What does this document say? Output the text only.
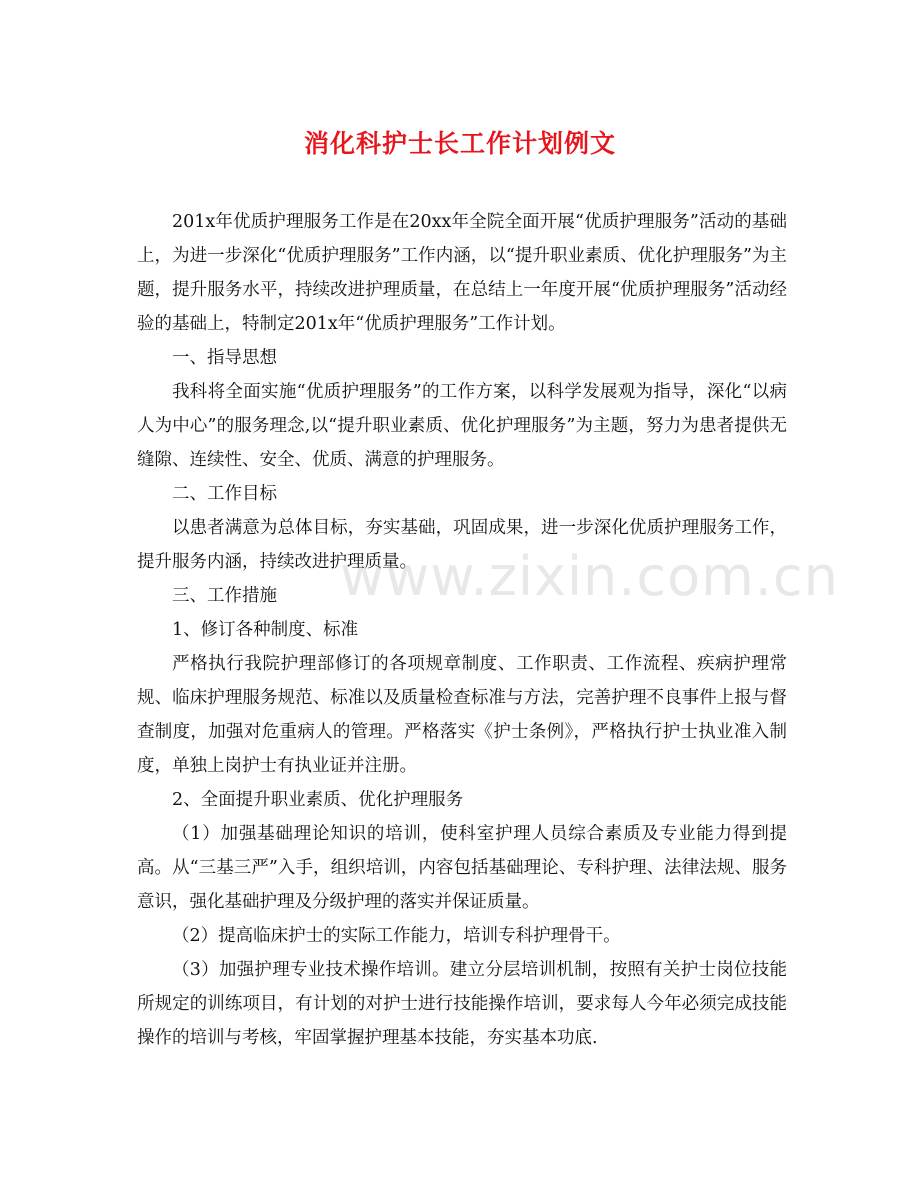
消化科护士长工作计划例文

201x年优质护理服务工作是在20xx年全院全面开展“优质护理服务”活动的基础上，为进一步深化“优质护理服务”工作内涵，以“提升职业素质、优化护理服务”为主题，提升服务水平，持续改进护理质量，在总结上一年度开展“优质护理服务”活动经验的基础上，特制定201x年“优质护理服务”工作计划。

一、指导思想

我科将全面实施“优质护理服务”的工作方案，以科学发展观为指导，深化“以病人为中心”的服务理念,以“提升职业素质、优化护理服务”为主题，努力为患者提供无缝隙、连续性、安全、优质、满意的护理服务。

二、工作目标

以患者满意为总体目标，夯实基础，巩固成果，进一步深化优质护理服务工作，提升服务内涵，持续改进护理质量。

三、工作措施

1、修订各种制度、标准

严格执行我院护理部修订的各项规章制度、工作职责、工作流程、疾病护理常规、临床护理服务规范、标准以及质量检查标准与方法，完善护理不良事件上报与督查制度，加强对危重病人的管理。严格落实《护士条例》，严格执行护士执业准入制度，单独上岗护士有执业证并注册。

2、全面提升职业素质、优化护理服务

（1）加强基础理论知识的培训，使科室护理人员综合素质及专业能力得到提高。从“三基三严”入手，组织培训，内容包括基础理论、专科护理、法律法规、服务意识，强化基础护理及分级护理的落实并保证质量。

（2）提高临床护士的实际工作能力，培训专科护理骨干。

（3）加强护理专业技术操作培训。建立分层培训机制，按照有关护士岗位技能所规定的训练项目，有计划的对护士进行技能操作培训，要求每人今年必须完成技能操作的培训与考核，牢固掌握护理基本技能，夯实基本功底.

www.zixin.com.cn
